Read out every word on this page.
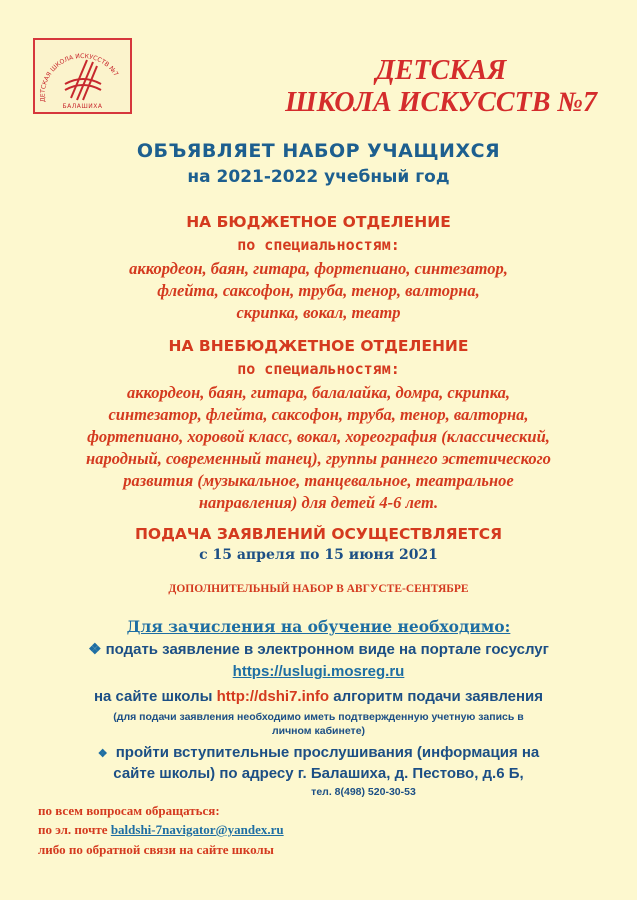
ДЕТСКАЯ ШКОЛА ИСКУССТВ №7
БАЛАШИХА
ДЕТСКАЯ
ШКОЛА ИСКУССТВ №7
ОБЪЯВЛЯЕТ НАБОР УЧАЩИХСЯ
на 2021-2022 учебный год
НА БЮДЖЕТНОЕ ОТДЕЛЕНИЕ
по специальностям:
аккордеон, баян, гитара, фортепиано, синтезатор,
флейта, саксофон, труба, тенор, валторна,
скрипка, вокал, театр
НА ВНЕБЮДЖЕТНОЕ ОТДЕЛЕНИЕ
по специальностям:
аккордеон, баян, гитара, балалайка, домра, скрипка,
синтезатор, флейта, саксофон, труба, тенор, валторна,
фортепиано, хоровой класс, вокал, хореография (классический,
народный, современный танец), группы раннего эстетического
развития (музыкальное, танцевальное, театральное
направления) для детей 4-6 лет.
ПОДАЧА ЗАЯВЛЕНИЙ ОСУЩЕСТВЛЯЕТСЯ
с 15 апреля по 15 июня 2021
ДОПОЛНИТЕЛЬНЫЙ НАБОР В АВГУСТЕ-СЕНТЯБРЕ
Для зачисления на обучение необходимо:
❖ подать заявление в электронном виде на портале госуслуг
https://uslugi.mosreg.ru
на сайте школы http://dshi7.info алгоритм подачи заявления
(для подачи заявления необходимо иметь подтвержденную учетную запись в
личном кабинете)
❖ пройти вступительные прослушивания (информация на
сайте школы) по адресу г. Балашиха, д. Пестово, д.6 Б,
тел. 8(498) 520-30-53
по всем вопросам обращаться:
по эл. почте baldshi-7navigator@yandex.ru
либо по обратной связи на сайте школы
